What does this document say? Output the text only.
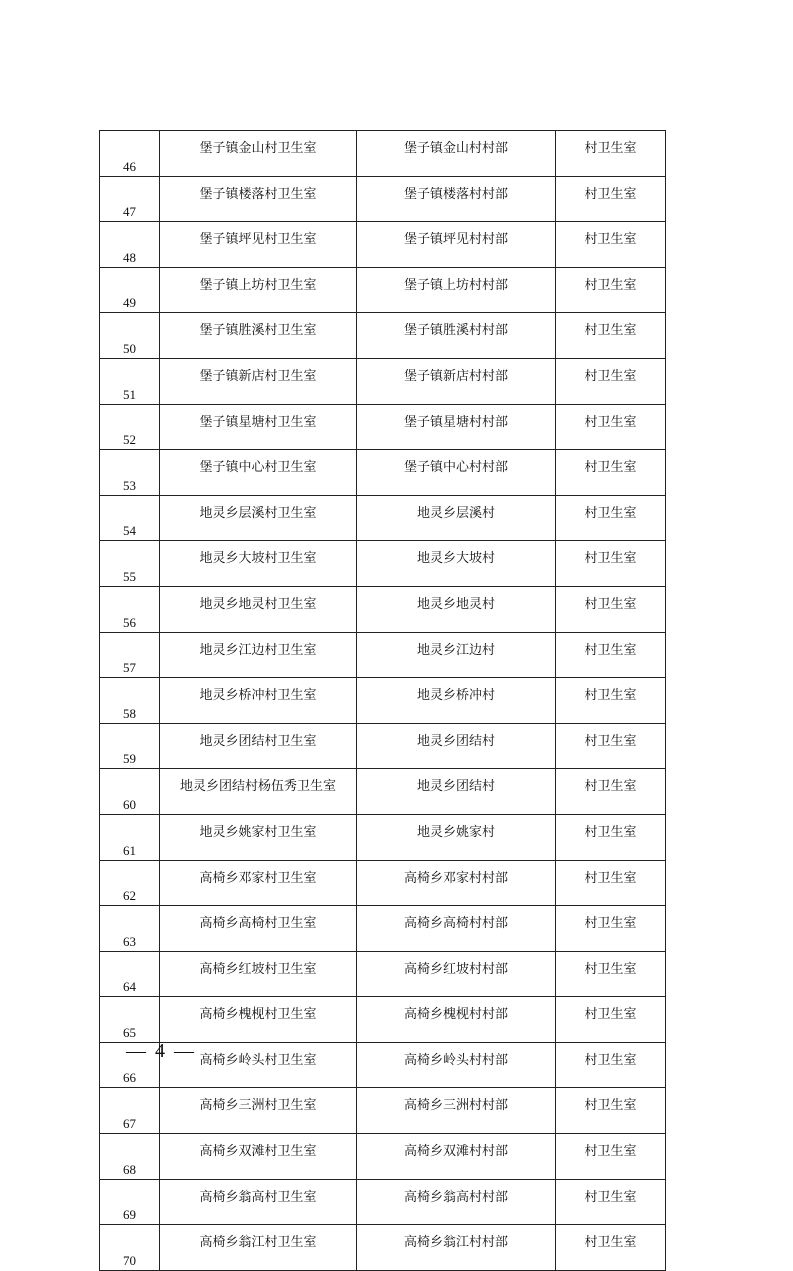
46	堡子镇金山村卫生室	堡子镇金山村村部	村卫生室
47	堡子镇楼落村卫生室	堡子镇楼落村村部	村卫生室
48	堡子镇坪见村卫生室	堡子镇坪见村村部	村卫生室
49	堡子镇上坊村卫生室	堡子镇上坊村村部	村卫生室
50	堡子镇胜溪村卫生室	堡子镇胜溪村村部	村卫生室
51	堡子镇新店村卫生室	堡子镇新店村村部	村卫生室
52	堡子镇星塘村卫生室	堡子镇星塘村村部	村卫生室
53	堡子镇中心村卫生室	堡子镇中心村村部	村卫生室
54	地灵乡层溪村卫生室	地灵乡层溪村	村卫生室
55	地灵乡大坡村卫生室	地灵乡大坡村	村卫生室
56	地灵乡地灵村卫生室	地灵乡地灵村	村卫生室
57	地灵乡江边村卫生室	地灵乡江边村	村卫生室
58	地灵乡桥冲村卫生室	地灵乡桥冲村	村卫生室
59	地灵乡团结村卫生室	地灵乡团结村	村卫生室
60	地灵乡团结村杨伍秀卫生室	地灵乡团结村	村卫生室
61	地灵乡姚家村卫生室	地灵乡姚家村	村卫生室
62	高椅乡邓家村卫生室	高椅乡邓家村村部	村卫生室
63	高椅乡高椅村卫生室	高椅乡高椅村村部	村卫生室
64	高椅乡红坡村卫生室	高椅乡红坡村村部	村卫生室
65	高椅乡槐枧村卫生室	高椅乡槐枧村村部	村卫生室
66	高椅乡岭头村卫生室	高椅乡岭头村村部	村卫生室
67	高椅乡三洲村卫生室	高椅乡三洲村村部	村卫生室
68	高椅乡双滩村卫生室	高椅乡双滩村村部	村卫生室
69	高椅乡翁高村卫生室	高椅乡翁高村村部	村卫生室
70	高椅乡翁江村卫生室	高椅乡翁江村村部	村卫生室
— 4 —
